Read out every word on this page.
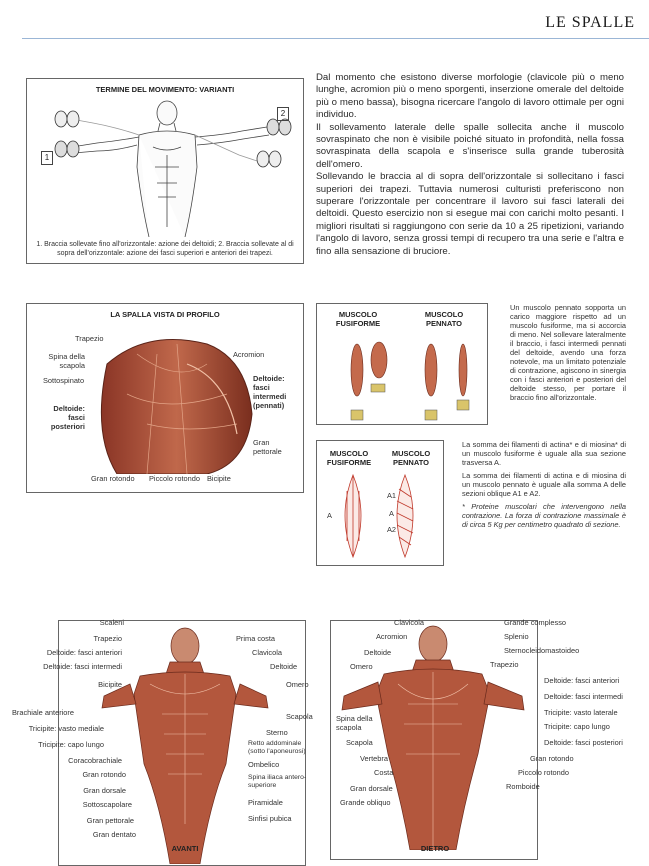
LE SPALLE
TERMINE DEL MOVIMENTO: VARIANTI
1
2
1. Braccia sollevate fino all'orizzontale: azione dei deltoidi; 2. Braccia sollevate al di sopra dell'orizzontale: azione dei fasci superiori e anteriori dei trapezi.

Dal momento che esistono diverse morfologie (clavicole più o meno lunghe, acromion più o meno sporgenti, inserzione omerale del deltoide più o meno bassa), bisogna ricercare l'angolo di lavoro ottimale per ogni individuo.

Il sollevamento laterale delle spalle sollecita anche il muscolo sovraspinato che non è visibile poiché situato in profondità, nella fossa sovraspinata della scapola e s'inserisce sulla grande tuberosità dell'omero.

Sollevando le braccia al di sopra dell'orizzontale si sollecitano i fasci superiori dei trapezi. Tuttavia numerosi culturisti preferiscono non superare l'orizzontale per concentrare il lavoro sui fasci laterali dei deltoidi. Questo esercizio non si esegue mai con carichi molto pesanti. I migliori risultati si raggiungono con serie da 10 a 25 ripetizioni, variando l'angolo di lavoro, senza grossi tempi di recupero tra una serie e l'altra e fino alla sensazione di bruciore.

LA SPALLA VISTA DI PROFILO
Trapezio
Spina della scapola
Sottospinato
Deltoide: fasci posteriori
Acromion
Deltoide: fasci intermedi (pennati)
Gran pettorale
Gran rotondo Piccolo rotondo Bicipite
MUSCOLO FUSIFORME
MUSCOLO PENNATO
Un muscolo pennato sopporta un carico maggiore rispetto ad un muscolo fusiforme, ma si accorcia di meno. Nel sollevare lateralmente il braccio, i fasci intermedi pennati del deltoide, avendo una forza notevole, ma un limitato potenziale di contrazione, agiscono in sinergia con i fasci anteriori e posteriori del deltoide stesso, per portare il braccio fino all'orizzontale.
MUSCOLO FUSIFORME
MUSCOLO PENNATO
A
A1
A
A2
La somma dei filamenti di actina* e di miosina* di un muscolo fusiforme è uguale alla sua sezione trasversa A.
La somma dei filamenti di actina e di miosina di un muscolo pennato è uguale alla somma A delle sezioni oblique A1 e A2.
* Proteine muscolari che intervengono nella contrazione. La forza di contrazione massimale è di circa 5 Kg per centimetro quadrato di sezione.
AVANTI
Scaleni
Trapezio
Deltoide: fasci anteriori
Deltoide: fasci intermedi
Bicipite
Brachiale anteriore
Tricipite: vasto mediale
Tricipite: capo lungo
Coracobrachiale
Gran rotondo
Gran dorsale
Sottoscapolare
Gran pettorale
Gran dentato
Prima costa
Clavicola
Deltoide
Omero
Scapola
Sterno
Retto addominale (sotto l'aponeurosi)
Ombelico
Spina iliaca antero-superiore
Piramidale
Sinfisi pubica
DIETRO
Clavicola
Acromion
Deltoide
Omero
Spina della scapola
Scapola
Vertebra
Costa
Gran dorsale
Grande obliquo
Grande complesso
Splenio
Sternocleidomastoideo
Trapezio
Deltoide: fasci anteriori
Deltoide: fasci intermedi
Tricipite: vasto laterale
Tricipite: capo lungo
Deltoide: fasci posteriori
Gran rotondo
Piccolo rotondo
Romboide
